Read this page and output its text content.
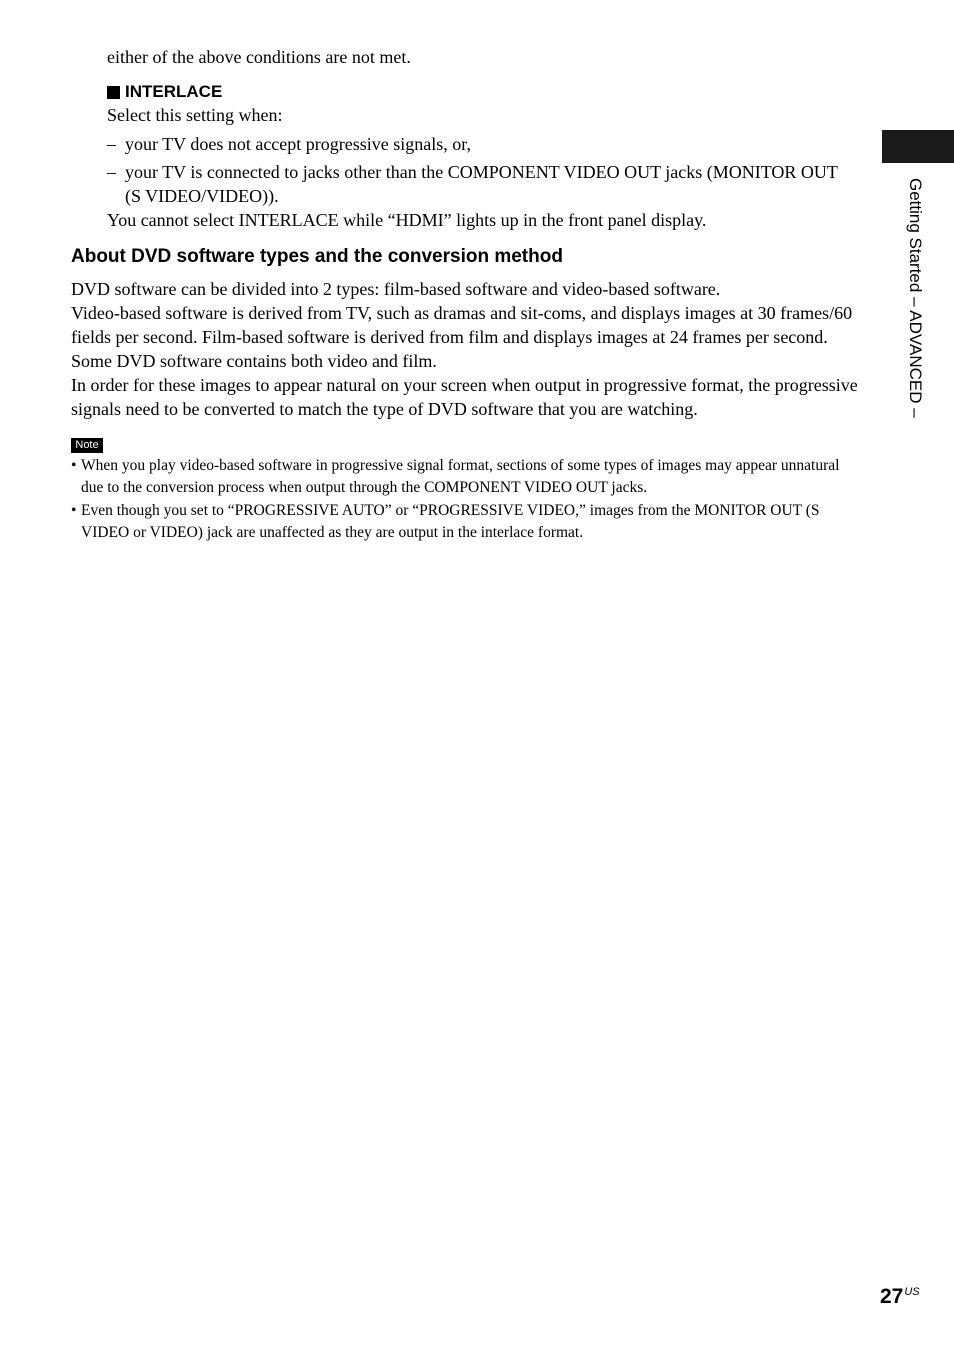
either of the above conditions are not met.
INTERLACE
Select this setting when:
– your TV does not accept progressive signals, or,
– your TV is connected to jacks other than the COMPONENT VIDEO OUT jacks (MONITOR OUT (S VIDEO/VIDEO)).
You cannot select INTERLACE while “HDMI” lights up in the front panel display.
About DVD software types and the conversion method
DVD software can be divided into 2 types: film-based software and video-based software.
Video-based software is derived from TV, such as dramas and sit-coms, and displays images at 30 frames/60 fields per second. Film-based software is derived from film and displays images at 24 frames per second. Some DVD software contains both video and film.
In order for these images to appear natural on your screen when output in progressive format, the progressive signals need to be converted to match the type of DVD software that you are watching.
Note
• When you play video-based software in progressive signal format, sections of some types of images may appear unnatural due to the conversion process when output through the COMPONENT VIDEO OUT jacks.
• Even though you set to “PROGRESSIVE AUTO” or “PROGRESSIVE VIDEO,” images from the MONITOR OUT (S VIDEO or VIDEO) jack are unaffected as they are output in the interlace format.
Getting Started – ADVANCED –
27 US
